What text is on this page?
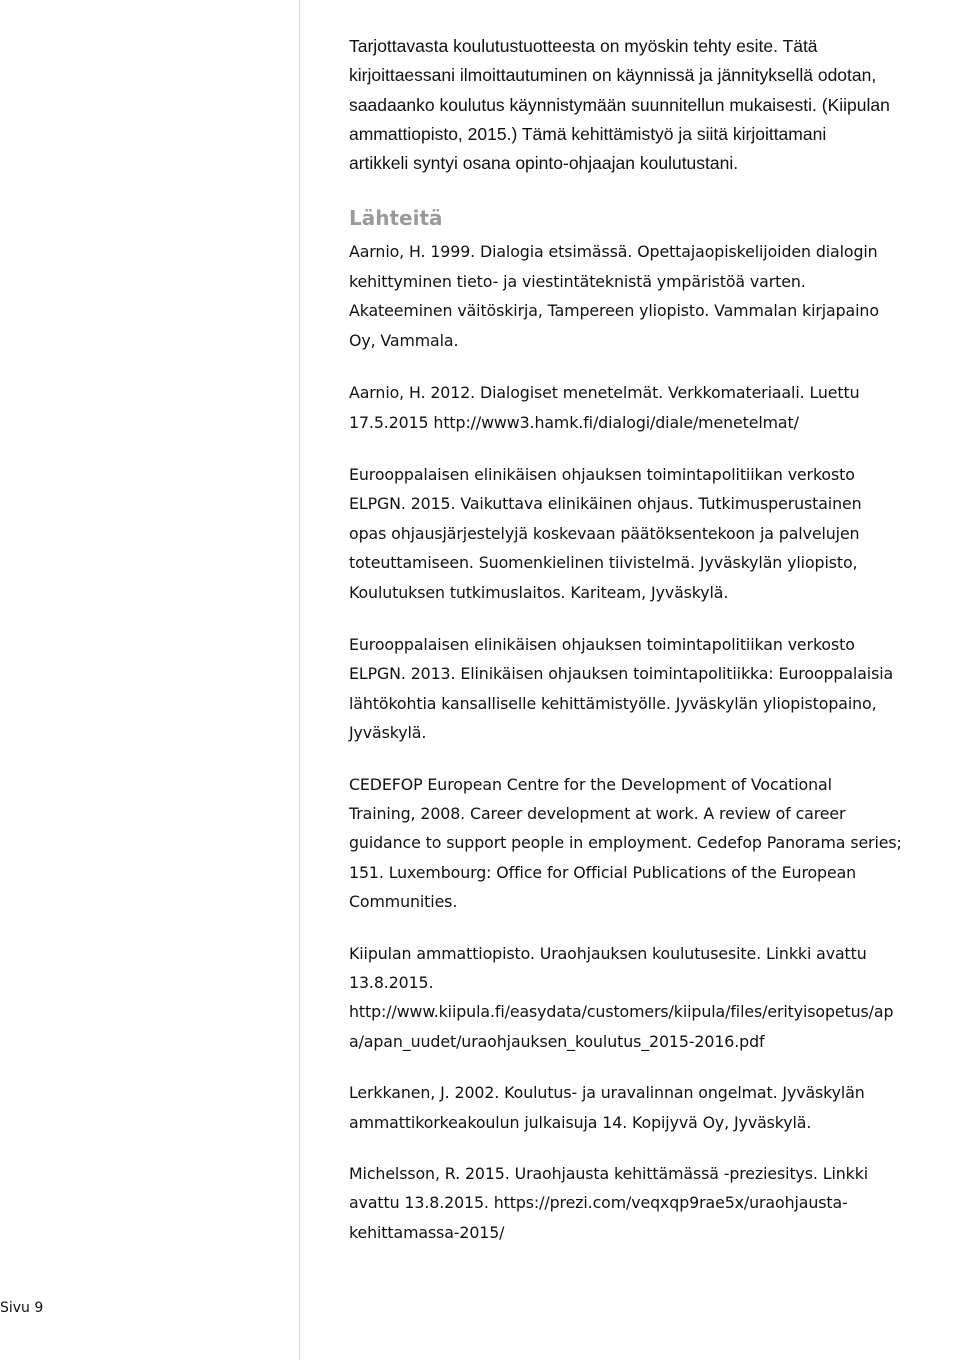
Tarjottavasta koulutustuotteesta on myöskin tehty esite. Tätä
kirjoittaessani ilmoittautuminen on käynnissä ja jännityksellä odotan,
saadaanko koulutus käynnistymään suunnitellun mukaisesti. (Kiipulan
ammattiopisto, 2015.) Tämä kehittämistyö ja siitä kirjoittamani
artikkeli syntyi osana opinto-ohjaajan koulutustani.

Lähteitä

Aarnio, H. 1999. Dialogia etsimässä. Opettajaopiskelijoiden dialogin
kehittyminen tieto- ja viestintäteknistä ympäristöä varten.
Akateeminen väitöskirja, Tampereen yliopisto. Vammalan kirjapaino
Oy, Vammala.

Aarnio, H. 2012. Dialogiset menetelmät. Verkkomateriaali. Luettu
17.5.2015 http://www3.hamk.fi/dialogi/diale/menetelmat/

Eurooppalaisen elinikäisen ohjauksen toimintapolitiikan verkosto
ELPGN. 2015. Vaikuttava elinikäinen ohjaus. Tutkimusperustainen
opas ohjausjärjestelyjä koskevaan päätöksentekoon ja palvelujen
toteuttamiseen. Suomenkielinen tiivistelmä. Jyväskylän yliopisto,
Koulutuksen tutkimuslaitos. Kariteam, Jyväskylä.

Eurooppalaisen elinikäisen ohjauksen toimintapolitiikan verkosto
ELPGN. 2013. Elinikäisen ohjauksen toimintapolitiikka: Eurooppalaisia
lähtökohtia kansalliselle kehittämistyölle. Jyväskylän yliopistopaino,
Jyväskylä.

CEDEFOP European Centre for the Development of Vocational
Training, 2008. Career development at work. A review of career
guidance to support people in employment. Cedefop Panorama series;
151. Luxembourg: Office for Official Publications of the European
Communities.

Kiipulan ammattiopisto. Uraohjauksen koulutusesite. Linkki avattu
13.8.2015.
http://www.kiipula.fi/easydata/customers/kiipula/files/erityisopetus/ap
a/apan_uudet/uraohjauksen_koulutus_2015-2016.pdf

Lerkkanen, J. 2002. Koulutus- ja uravalinnan ongelmat. Jyväskylän
ammattikorkeakoulun julkaisuja 14. Kopijyvä Oy, Jyväskylä.

Michelsson, R. 2015. Uraohjausta kehittämässä -preziesitys. Linkki
avattu 13.8.2015. https://prezi.com/veqxqp9rae5x/uraohjausta-
kehittamassa-2015/

Sivu 9
